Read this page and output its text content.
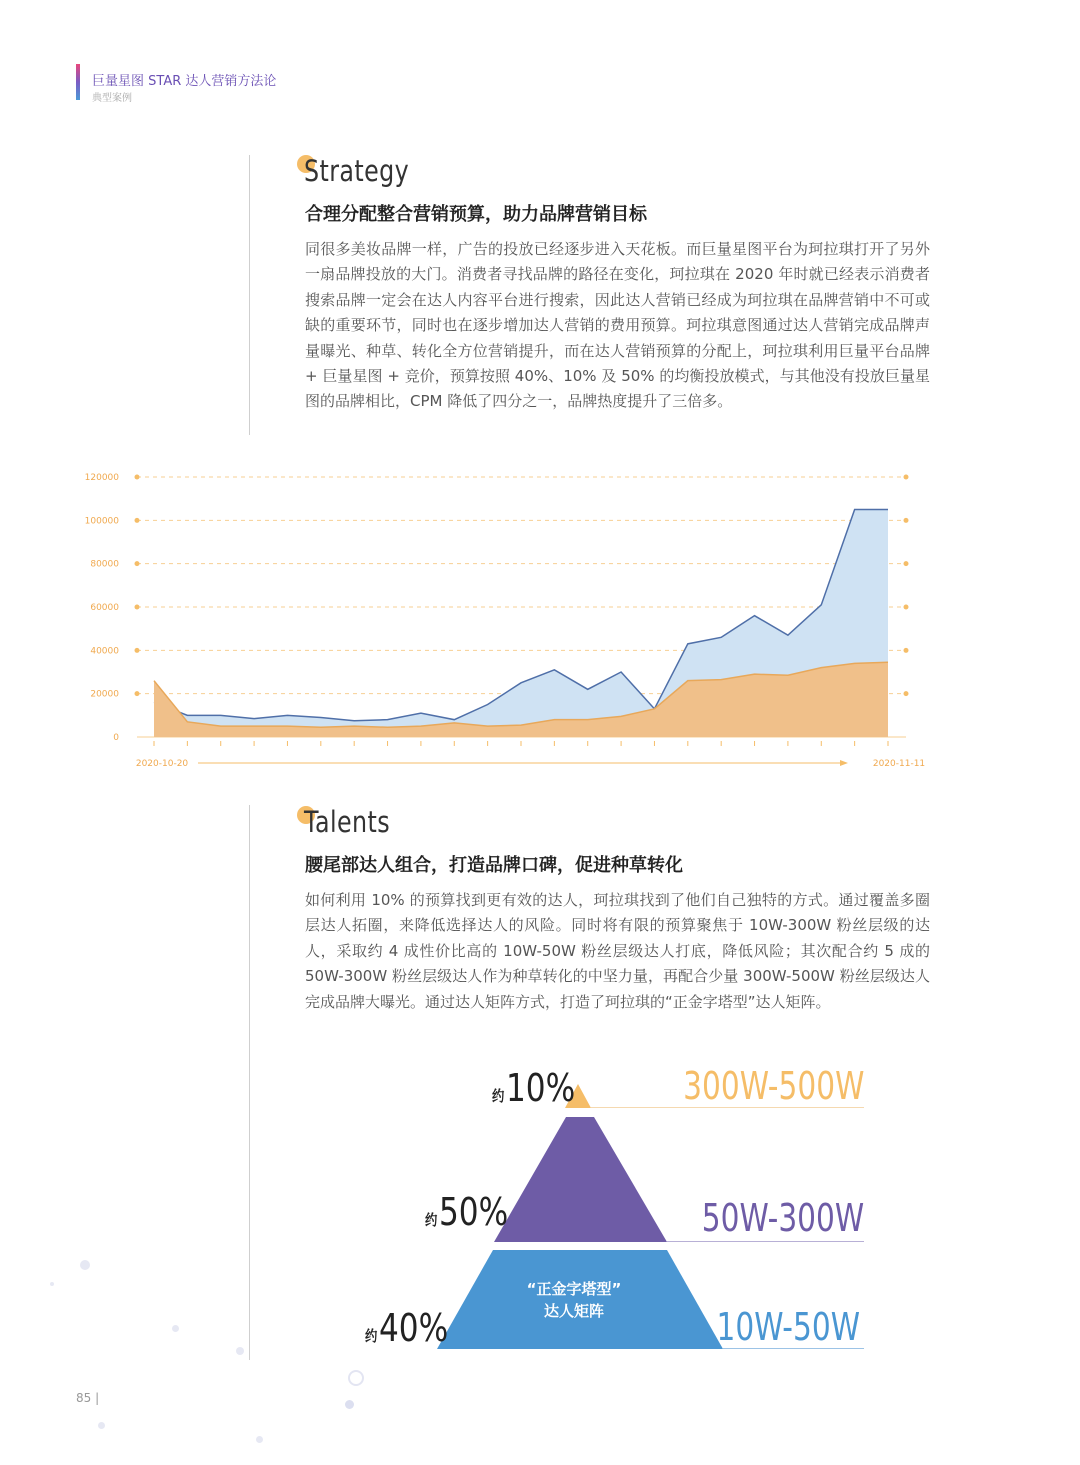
巨量星图 STAR 达人营销方法论
典型案例
Strategy
合理分配整合营销预算，助力品牌营销目标

同很多美妆品牌一样，广告的投放已经逐步进入天花板。而巨量星图平台为珂拉琪打开了另外一扇品牌投放的大门。消费者寻找品牌的路径在变化，珂拉琪在 2020 年时就已经表示消费者搜索品牌一定会在达人内容平台进行搜索，因此达人营销已经成为珂拉琪在品牌营销中不可或缺的重要环节，同时也在逐步增加达人营销的费用预算。珂拉琪意图通过达人营销完成品牌声量曝光、种草、转化全方位营销提升，而在达人营销预算的分配上，珂拉琪利用巨量平台品牌 + 巨量星图 + 竞价，预算按照 40%、10% 及 50% 的均衡投放模式，与其他没有投放巨量星图的品牌相比，CPM 降低了四分之一，品牌热度提升了三倍多。

120000
100000
80000
60000
40000
20000
0
2020-10-20	2020-11-11
Talents
腰尾部达人组合，打造品牌口碑，促进种草转化

如何利用 10% 的预算找到更有效的达人，珂拉琪找到了他们自己独特的方式。通过覆盖多圈层达人拓圈，来降低选择达人的风险。同时将有限的预算聚焦于 10W-300W 粉丝层级的达人，采取约 4 成性价比高的 10W-50W 粉丝层级达人打底，降低风险；其次配合约 5 成的 50W-300W 粉丝层级达人作为种草转化的中坚力量，再配合少量 300W-500W 粉丝层级达人完成品牌大曝光。通过达人矩阵方式，打造了珂拉琪的“正金字塔型”达人矩阵。

约10%
约50%
约40%
300W-500W
50W-300W
10W-50W
“正金字塔型”
达人矩阵
85 |
